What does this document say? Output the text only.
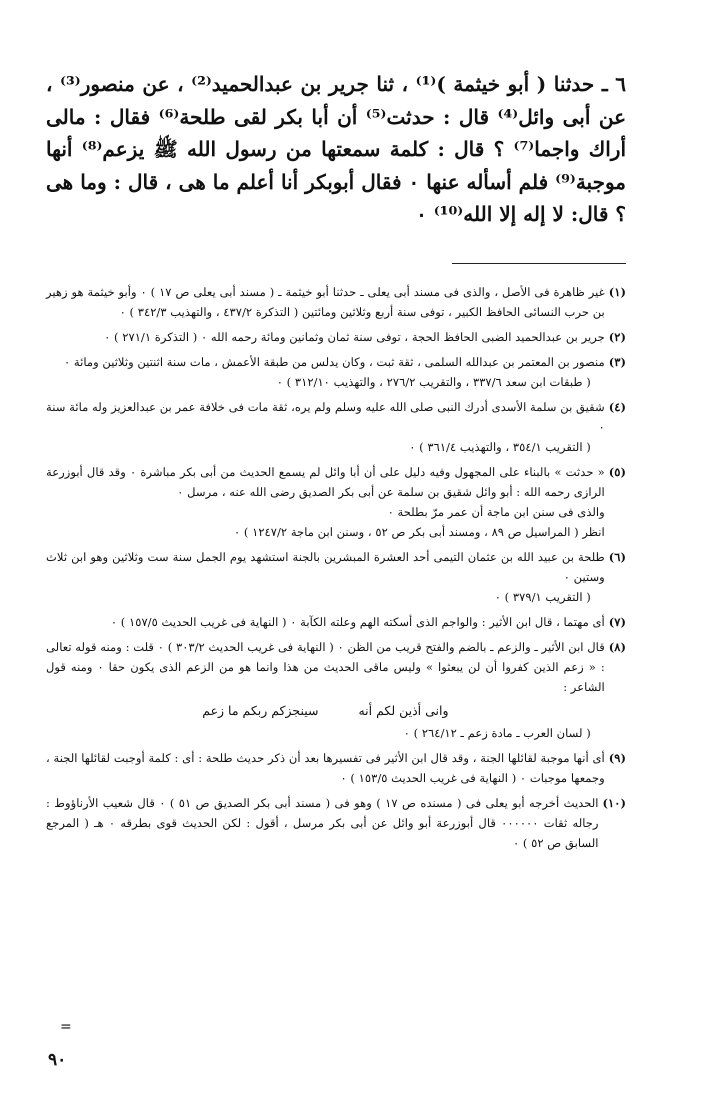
٦ ـ حدثنا ( أبو خيثمة )⁽¹⁾ ، ثنا جرير بن عبدالحميد⁽²⁾ ، عن منصور⁽³⁾ ، عن أبى وائل⁽⁴⁾ قال : حدثت⁽⁵⁾ أن أبا بكر لقى طلحة⁽⁶⁾ فقال : مالى أراك واجما⁽⁷⁾ ؟ قال : كلمة سمعتها من رسول الله ﷺ يزعم⁽⁸⁾ أنها موجبة⁽⁹⁾ فلم أسأله عنها ٠ فقال أبوبكر أنا أعلم ما هى ، قال : وما هى ؟ قال: لا إله إلا الله⁽¹⁰⁾ ٠
(١)

غير ظاهرة فى الأصل ، والذى فى مسند أبى يعلى ـ حدثنا أبو خيثمة ـ ( مسند أبى يعلى ص ١٧ ) ٠ وأبو خيثمة هو زهير بن حرب النسائى الحافظ الكبير ، توفى سنة أربع وثلاثين ومائتين ( التذكرة ٤٣٧/٢ ، والتهذيب ٣٤٢/٣ ) ٠

(٢)

جرير بن عبدالحميد الضبى الحافظ الحجة ، توفى سنة ثمان وثمانين ومائة رحمه الله ٠ ( التذكرة ٢٧١/١ ) ٠

(٣)

منصور بن المعتمر بن عبدالله السلمى ، ثقة ثبت ، وكان يدلس من طبقة الأعمش ، مات سنة اثنتين وثلاثين ومائة ٠

( طبقات ابن سعد ٣٣٧/٦ ، والتقريب ٢٧٦/٢ ، والتهذيب ٣١٢/١٠ ) ٠

(٤)

شقيق بن سلمة الأسدى أدرك النبى صلى الله عليه وسلم ولم يره، ثقة مات فى خلافة عمر بن عبدالعزيز وله مائة سنة ٠

( التقريب ٣٥٤/١ ، والتهذيب ٣٦١/٤ ) ٠

(٥)

« حدثت » بالبناء على المجهول وفيه دليل على أن أبا وائل لم يسمع الحديث من أبى بكر مباشرة ٠ وقد قال أبوزرعة الرازى رحمه الله : أبو وائل شقيق بن سلمة عن أبى بكر الصديق رضى الله عنه ، مرسل ٠

والذى فى سنن ابن ماجة أن عمر مرّ بطلحة ٠

انظر ( المراسيل ص ٨٩ ، ومسند أبى بكر ص ٥٢ ، وسنن ابن ماجة ١٢٤٧/٢ ) ٠

(٦)

طلحة بن عبيد الله بن عثمان التيمى أحد العشرة المبشرين بالجنة استشهد يوم الجمل سنة ست وثلاثين وهو ابن ثلاث وستين ٠

( التقريب ٣٧٩/١ ) ٠

(٧)

أى مهتما ، قال ابن الأثير : والواجم الذى أسكته الهم وعلته الكآبة ٠ ( النهاية فى غريب الحديث ١٥٧/٥ ) ٠

(٨)

قال ابن الأثير ـ والزعم ـ بالضم والفتح قريب من الظن ٠ ( النهاية فى غريب الحديث ٣٠٣/٢ ) ٠ قلت : ومنه قوله تعالى : « زعم الذين كفروا أن لن يبعثوا » وليس ماقى الحديث من هذا وانما هو من الزعم الذى يكون حقا ٠ ومنه قول الشاعر :

وانى أذين لكم أنه
سينجزكم ربكم ما زعم

( لسان العرب ـ مادة زعم ـ ٢٦٤/١٢ ) ٠

(٩)

أى أنها موجبة لقائلها الجنة ، وقد قال ابن الأثير فى تفسيرها بعد أن ذكر حديث طلحة : أى : كلمة أوجبت لقائلها الجنة ، وجمعها موجبات ٠ ( النهاية فى غريب الحديث ١٥٣/٥ ) ٠

(١٠)

الحديث أخرجه أبو يعلى فى ( مسنده ص ١٧ ) وهو فى ( مسند أبى بكر الصديق ص ٥١ ) ٠ قال شعيب الأرناؤوط : رجاله ثقات ٠٠٠٠٠٠ قال أبوزرعة أبو وائل عن أبى بكر مرسل ، أقول : لكن الحديث قوى بطرقه ٠ هـ ( المرجع السابق ص ٥٢ ) ٠

=
٩٠
